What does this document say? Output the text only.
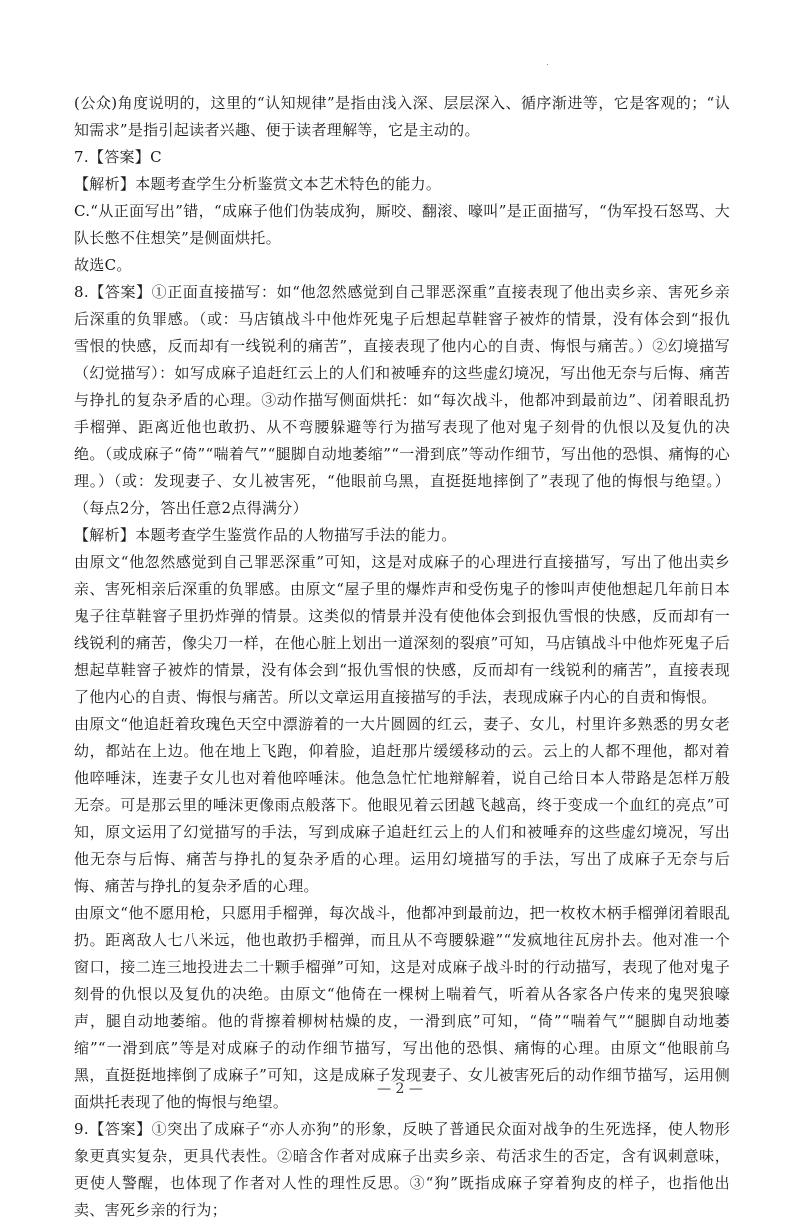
.

(公众)角度说明的，这里的“认知规律”是指由浅入深、层层深入、循序渐进等，它是客观的；“认知需求”是指引起读者兴趣、便于读者理解等，它是主动的。

7.【答案】C

【解析】本题考查学生分析鉴赏文本艺术特色的能力。

C.“从正面写出”错，“成麻子他们伪装成狗，厮咬、翻滚、嚎叫”是正面描写，“伪军投石怒骂、大队长憋不住想笑”是侧面烘托。

故选C。

8.【答案】①正面直接描写：如“他忽然感觉到自己罪恶深重”直接表现了他出卖乡亲、害死乡亲后深重的负罪感。（或：马店镇战斗中他炸死鬼子后想起草鞋窨子被炸的情景，没有体会到“报仇雪恨的快感，反而却有一线锐利的痛苦”，直接表现了他内心的自责、悔恨与痛苦。）②幻境描写（幻觉描写）：如写成麻子追赶红云上的人们和被唾弃的这些虚幻境况，写出他无奈与后悔、痛苦与挣扎的复杂矛盾的心理。③动作描写侧面烘托：如“每次战斗，他都冲到最前边”、闭着眼乱扔手榴弹、距离近他也敢扔、从不弯腰躲避等行为描写表现了他对鬼子刻骨的仇恨以及复仇的决绝。（或成麻子“倚”“喘着气”“腿脚自动地萎缩”“一滑到底”等动作细节，写出他的恐惧、痛悔的心理。）（或：发现妻子、女儿被害死，“他眼前乌黑，直挺挺地摔倒了”表现了他的悔恨与绝望。）（每点2分，答出任意2点得满分）

【解析】本题考查学生鉴赏作品的人物描写手法的能力。

由原文“他忽然感觉到自己罪恶深重”可知，这是对成麻子的心理进行直接描写，写出了他出卖乡亲、害死相亲后深重的负罪感。由原文“屋子里的爆炸声和受伤鬼子的惨叫声使他想起几年前日本鬼子往草鞋窨子里扔炸弹的情景。这类似的情景并没有使他体会到报仇雪恨的快感，反而却有一线锐利的痛苦，像尖刀一样，在他心脏上划出一道深刻的裂痕”可知，马店镇战斗中他炸死鬼子后想起草鞋窨子被炸的情景，没有体会到“报仇雪恨的快感，反而却有一线锐利的痛苦”，直接表现了他内心的自责、悔恨与痛苦。所以文章运用直接描写的手法，表现成麻子内心的自责和悔恨。

由原文“他追赶着玫瑰色天空中漂游着的一大片圆圆的红云，妻子、女儿，村里许多熟悉的男女老幼，都站在上边。他在地上飞跑，仰着脸，追赶那片缓缓移动的云。云上的人都不理他，都对着他啐唾沫，连妻子女儿也对着他啐唾沫。他急急忙忙地辩解着，说自己给日本人带路是怎样万般无奈。可是那云里的唾沫更像雨点般落下。他眼见着云团越飞越高，终于变成一个血红的亮点”可知，原文运用了幻觉描写的手法，写到成麻子追赶红云上的人们和被唾弃的这些虚幻境况，写出他无奈与后悔、痛苦与挣扎的复杂矛盾的心理。运用幻境描写的手法，写出了成麻子无奈与后悔、痛苦与挣扎的复杂矛盾的心理。

由原文“他不愿用枪，只愿用手榴弹，每次战斗，他都冲到最前边，把一枚枚木柄手榴弹闭着眼乱扔。距离敌人七八米远，他也敢扔手榴弹，而且从不弯腰躲避”“发疯地往瓦房扑去。他对准一个窗口，接二连三地投进去二十颗手榴弹”可知，这是对成麻子战斗时的行动描写，表现了他对鬼子刻骨的仇恨以及复仇的决绝。由原文“他倚在一棵树上喘着气，听着从各家各户传来的鬼哭狼嚎声，腿自动地萎缩。他的背擦着柳树枯燥的皮，一滑到底”可知，“倚”“喘着气”“腿脚自动地萎缩”“一滑到底”等是对成麻子的动作细节描写，写出他的恐惧、痛悔的心理。由原文“他眼前乌黑，直挺挺地摔倒了成麻子”可知，这是成麻子发现妻子、女儿被害死后的动作细节描写，运用侧面烘托表现了他的悔恨与绝望。

9.【答案】①突出了成麻子“亦人亦狗”的形象，反映了普通民众面对战争的生死选择，使人物形象更真实复杂，更具代表性。②暗含作者对成麻子出卖乡亲、苟活求生的否定，含有讽刺意味，更使人警醒，也体现了作者对人性的理性反思。③“狗”既指成麻子穿着狗皮的样子，也指他出卖、害死乡亲的行为；

— 2 —
